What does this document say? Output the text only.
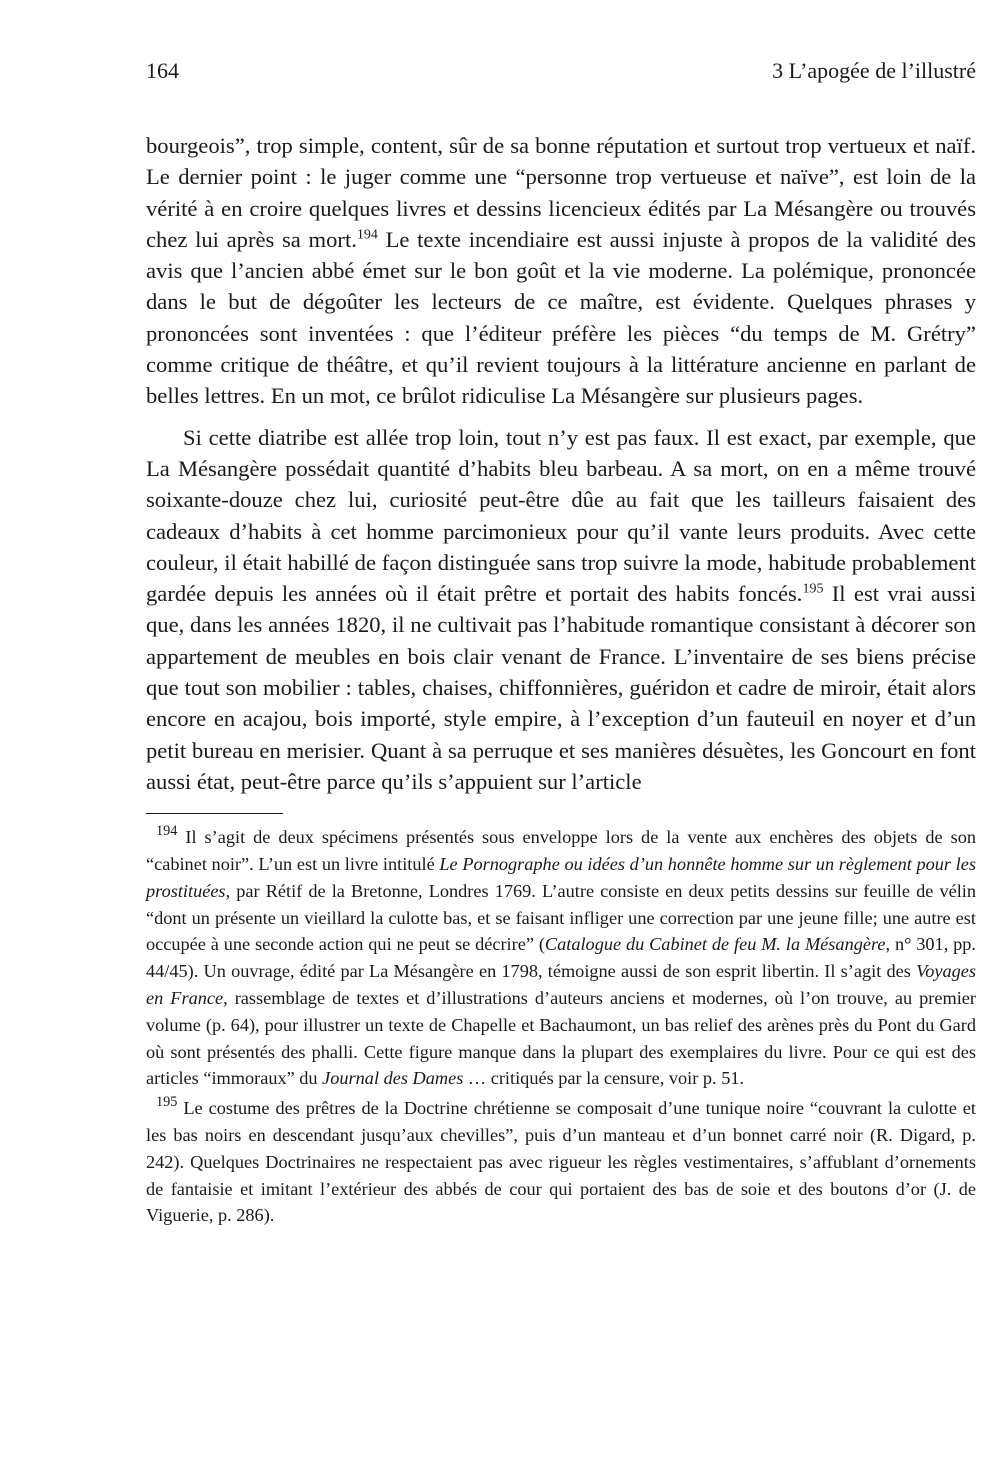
164	3 L’apogée de l’illustré

bourgeois”, trop simple, content, sûr de sa bonne réputation et surtout trop vertueux et naïf. Le dernier point : le juger comme une “personne trop vertueuse et naïve”, est loin de la vérité à en croire quelques livres et dessins licencieux édités par La Mésangère ou trouvés chez lui après sa mort.$^{194}$ Le texte incendiaire est aussi injuste à propos de la validité des avis que l’ancien abbé émet sur le bon goût et la vie moderne. La polémique, prononcée dans le but de dégoûter les lecteurs de ce maître, est évidente. Quelques phrases y prononcées sont inventées : que l’éditeur préfère les pièces “du temps de M. Grétry” comme critique de théâtre, et qu’il revient toujours à la littérature ancienne en parlant de belles lettres. En un mot, ce brûlot ridiculise La Mésangère sur plusieurs pages.

Si cette diatribe est allée trop loin, tout n’y est pas faux. Il est exact, par exemple, que La Mésangère possédait quantité d’habits bleu barbeau. A sa mort, on en a même trouvé soixante-douze chez lui, curiosité peut-être dûe au fait que les tailleurs faisaient des cadeaux d’habits à cet homme parcimonieux pour qu’il vante leurs produits. Avec cette couleur, il était habillé de façon distinguée sans trop suivre la mode, habitude probablement gardée depuis les années où il était prêtre et portait des habits foncés.$^{195}$ Il est vrai aussi que, dans les années 1820, il ne cultivait pas l’habitude romantique consistant à décorer son appartement de meubles en bois clair venant de France. L’inventaire de ses biens précise que tout son mobilier : tables, chaises, chiffonnières, guéridon et cadre de miroir, était alors encore en acajou, bois importé, style empire, à l’exception d’un fauteuil en noyer et d’un petit bureau en merisier. Quant à sa perruque et ses manières désuètes, les Goncourt en font aussi état, peut-être parce qu’ils s’appuient sur l’article

$^{194}$ Il s’agit de deux spécimens présentés sous enveloppe lors de la vente aux enchères des objets de son “cabinet noir”. L’un est un livre intitulé Le Pornographe ou idées d’un honnête homme sur un règlement pour les prostituées, par Rétif de la Bretonne, Londres 1769. L’autre consiste en deux petits dessins sur feuille de vélin “dont un présente un vieillard la culotte bas, et se faisant infliger une correction par une jeune fille; une autre est occupée à une seconde action qui ne peut se décrire” (Catalogue du Cabinet de feu M. la Mésangère, n° 301, pp. 44/45). Un ouvrage, édité par La Mésangère en 1798, témoigne aussi de son esprit libertin. Il s’agit des Voyages en France, rassemblage de textes et d’illustrations d’auteurs anciens et modernes, où l’on trouve, au premier volume (p. 64), pour illustrer un texte de Chapelle et Bachaumont, un bas relief des arènes près du Pont du Gard où sont présentés des phalli. Cette figure manque dans la plupart des exemplaires du livre. Pour ce qui est des articles “immoraux” du Journal des Dames … critiqués par la censure, voir p. 51.

$^{195}$ Le costume des prêtres de la Doctrine chrétienne se composait d’une tunique noire “couvrant la culotte et les bas noirs en descendant jusqu’aux chevilles”, puis d’un manteau et d’un bonnet carré noir (R. Digard, p. 242). Quelques Doctrinaires ne respectaient pas avec rigueur les règles vestimentaires, s’affublant d’ornements de fantaisie et imitant l’extérieur des abbés de cour qui portaient des bas de soie et des boutons d’or (J. de Viguerie, p. 286).
